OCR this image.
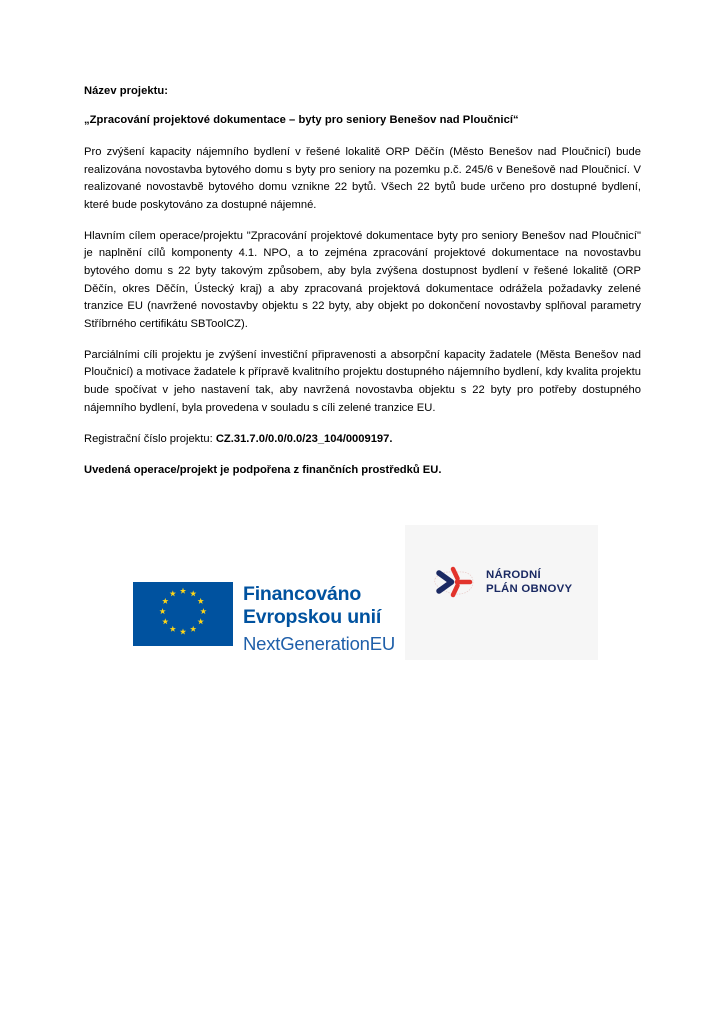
Název projektu:
„Zpracování projektové dokumentace – byty pro seniory Benešov nad Ploučnicí“

Pro zvýšení kapacity nájemního bydlení v řešené lokalitě ORP Děčín (Město Benešov nad Ploučnicí) bude realizována novostavba bytového domu s byty pro seniory na pozemku p.č. 245/6 v Benešově nad Ploučnicí. V realizované novostavbě bytového domu vznikne 22 bytů. Všech 22 bytů bude určeno pro dostupné bydlení, které bude poskytováno za dostupné nájemné.

Hlavním cílem operace/projektu "Zpracování projektové dokumentace byty pro seniory Benešov nad Ploučnicí" je naplnění cílů komponenty 4.1. NPO, a to zejména zpracování projektové dokumentace na novostavbu bytového domu s 22 byty takovým způsobem, aby byla zvýšena dostupnost bydlení v řešené lokalitě (ORP Děčín, okres Děčín, Ústecký kraj) a aby zpracovaná projektová dokumentace odrážela požadavky zelené tranzice EU (navržené novostavby objektu s 22 byty, aby objekt po dokončení novostavby splňoval parametry Stříbrného certifikátu SBToolCZ).

Parciálními cíli projektu je zvýšení investiční připravenosti a absorpční kapacity žadatele (Města Benešov nad Ploučnicí) a motivace žadatele k přípravě kvalitního projektu dostupného nájemního bydlení, kdy kvalita projektu bude spočívat v jeho nastavení tak, aby navržená novostavba objektu s 22 byty pro potřeby dostupného nájemního bydlení, byla provedena v souladu s cíli zelené tranzice EU.

Registrační číslo projektu: CZ.31.7.0/0.0/0.0/23_104/0009197.

Uvedená operace/projekt je podpořena z finančních prostředků EU.

Financováno
Evropskou unií
NextGenerationEU
NÁRODNÍ
PLÁN OBNOVY
